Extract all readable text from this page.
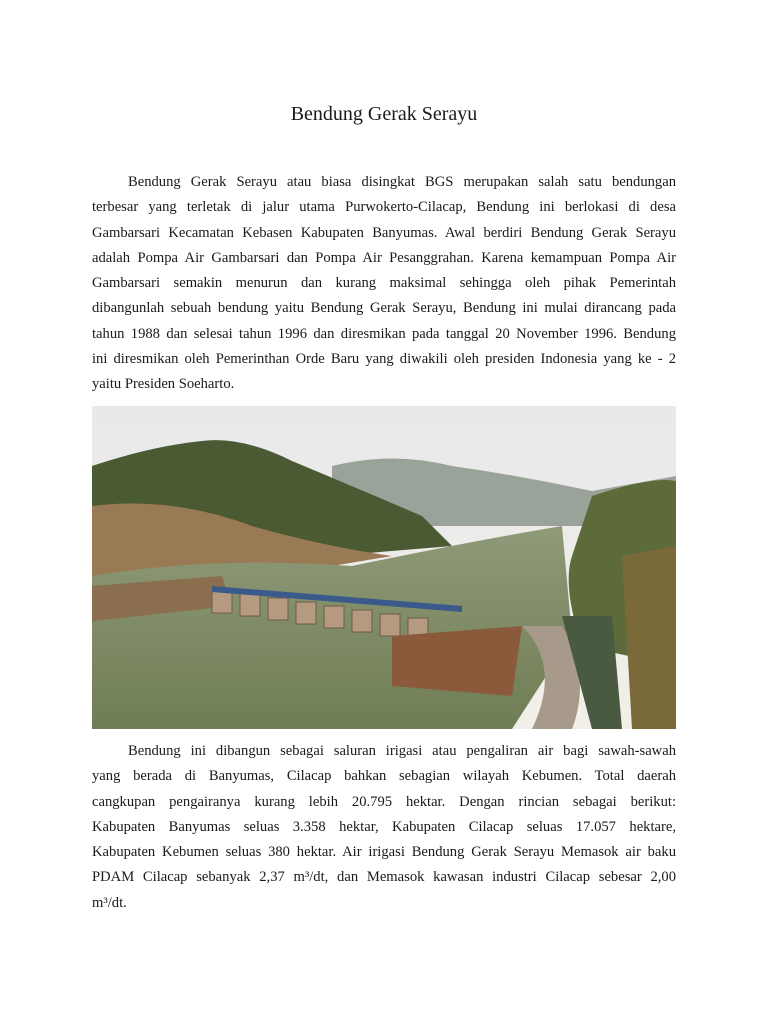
Bendung Gerak Serayu
Bendung Gerak Serayu atau biasa disingkat BGS merupakan salah satu bendungan
terbesar yang terletak di jalur utama Purwokerto-Cilacap, Bendung ini berlokasi di desa
Gambarsari Kecamatan Kebasen Kabupaten Banyumas. Awal berdiri Bendung Gerak Serayu
adalah Pompa Air Gambarsari dan Pompa Air Pesanggrahan. Karena kemampuan Pompa Air
Gambarsari semakin menurun dan kurang maksimal sehingga oleh pihak Pemerintah
dibangunlah sebuah bendung yaitu Bendung Gerak Serayu, Bendung ini mulai dirancang pada
tahun 1988 dan selesai tahun 1996 dan diresmikan pada tanggal 20 November 1996. Bendung
ini diresmikan oleh Pemerinthan Orde Baru yang diwakili oleh presiden Indonesia yang ke - 2
yaitu Presiden Soeharto.
Bendung ini dibangun sebagai saluran irigasi atau pengaliran air bagi sawah-sawah
yang berada di Banyumas, Cilacap bahkan sebagian wilayah Kebumen. Total daerah
cangkupan pengairanya kurang lebih 20.795 hektar. Dengan rincian sebagai berikut:
Kabupaten Banyumas seluas 3.358 hektar, Kabupaten Cilacap seluas 17.057 hektare,
Kabupaten Kebumen seluas 380 hektar. Air irigasi Bendung Gerak Serayu Memasok air baku
PDAM Cilacap sebanyak 2,37 m³/dt, dan Memasok kawasan industri Cilacap sebesar 2,00
m³/dt.
